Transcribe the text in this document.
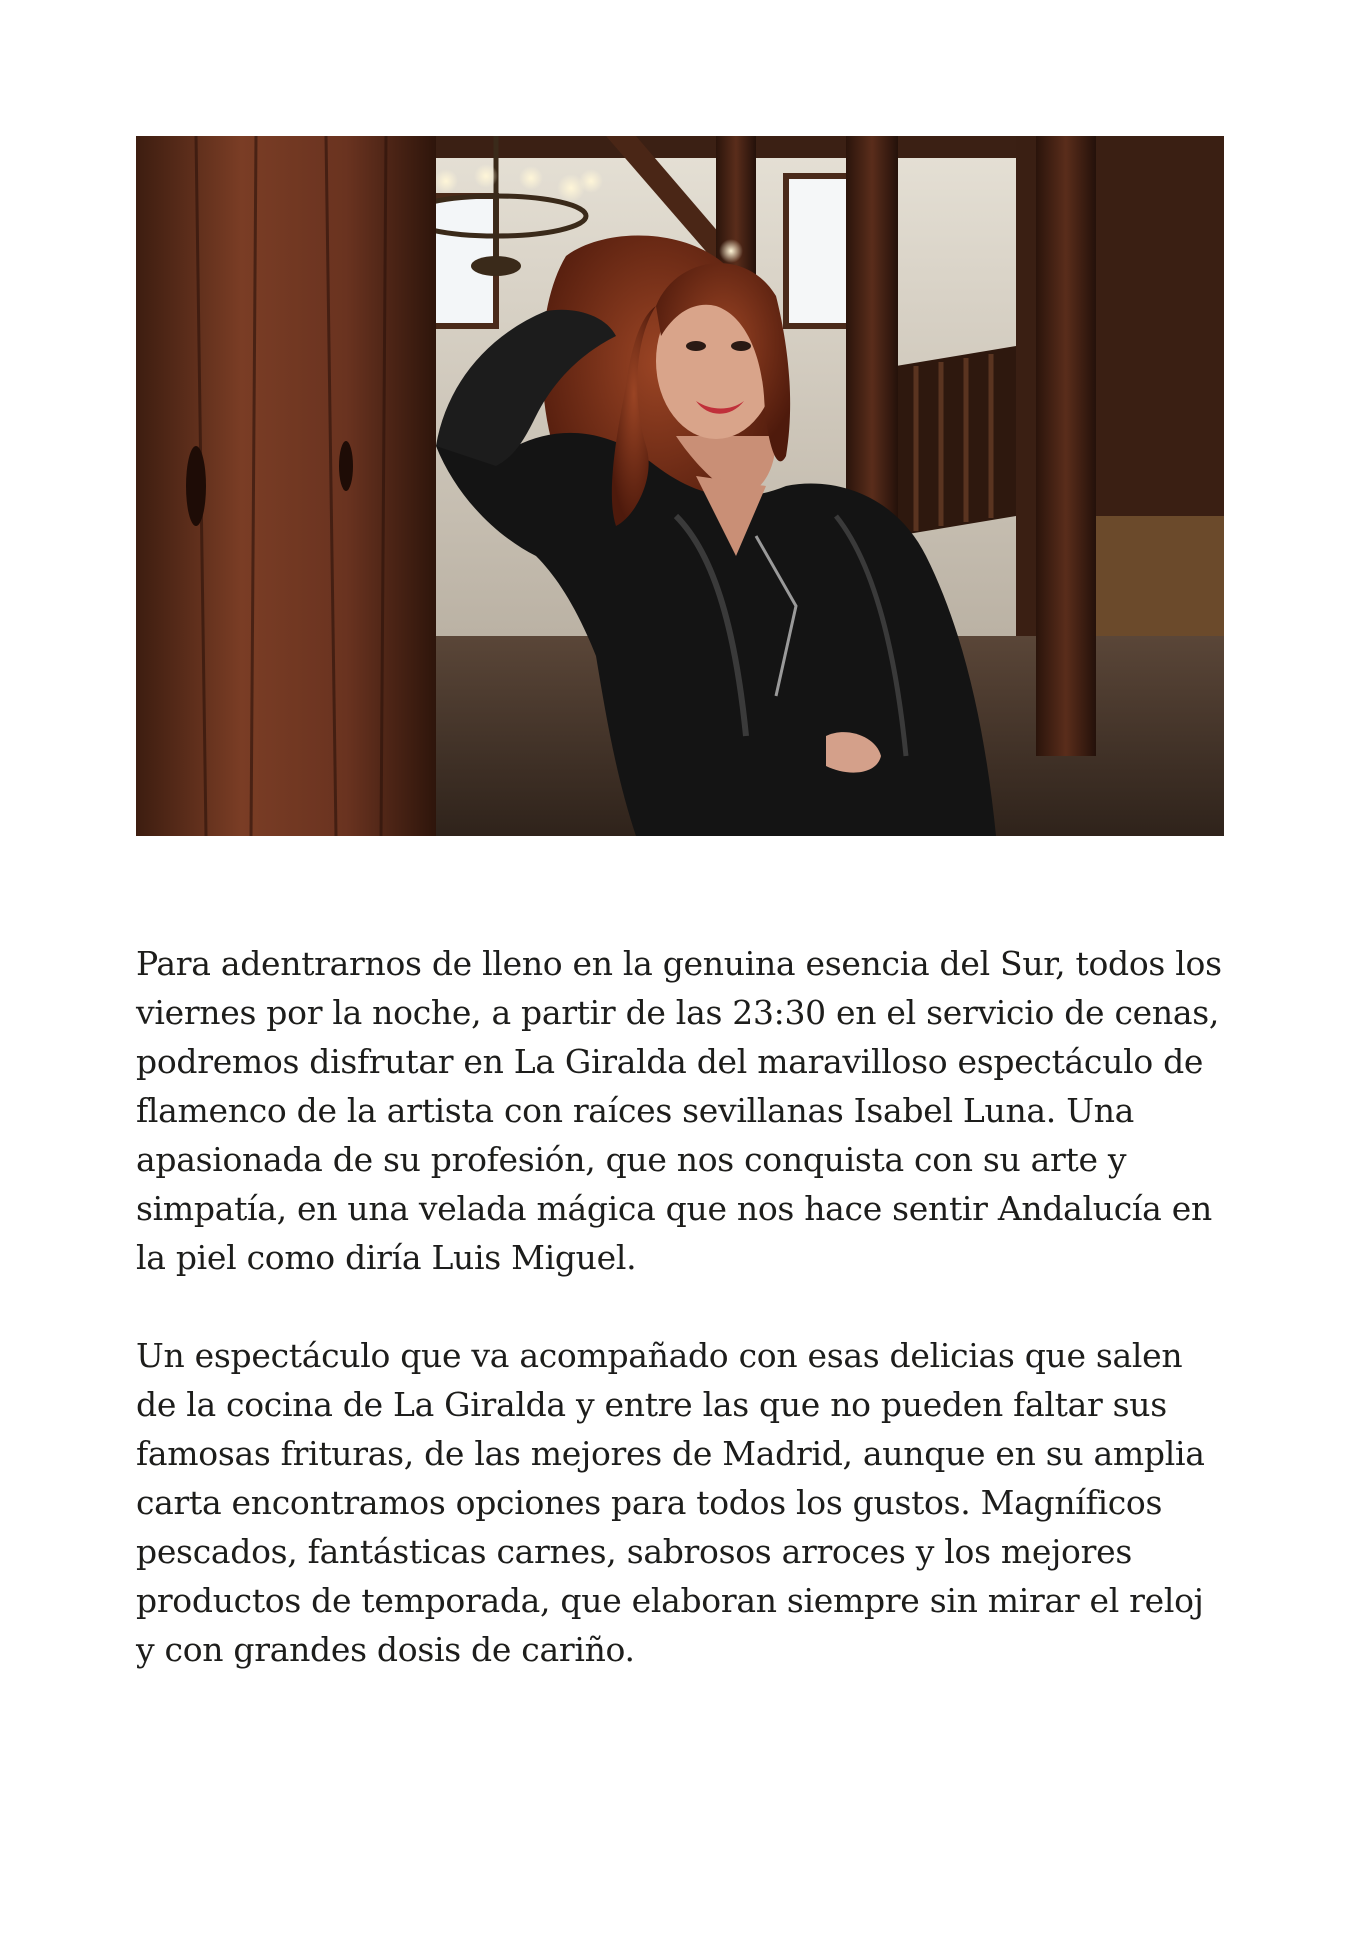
Para adentrarnos de lleno en la genuina esencia del Sur, todos los viernes por la noche, a partir de las 23:30 en el servicio de cenas, podremos disfrutar en La Giralda del maravilloso espectáculo de flamenco de la artista con raíces sevillanas Isabel Luna. Una apasionada de su profesión, que nos conquista con su arte y simpatía, en una velada mágica que nos hace sentir Andalucía en la piel como diría Luis Miguel.

Un espectáculo que va acompañado con esas delicias que salen de la cocina de La Giralda y entre las que no pueden faltar sus famosas frituras, de las mejores de Madrid, aunque en su amplia carta encontramos opciones para todos los gustos. Magníficos pescados, fantásticas carnes, sabrosos arroces y los mejores productos de temporada, que elaboran siempre sin mirar el reloj y con grandes dosis de cariño.
